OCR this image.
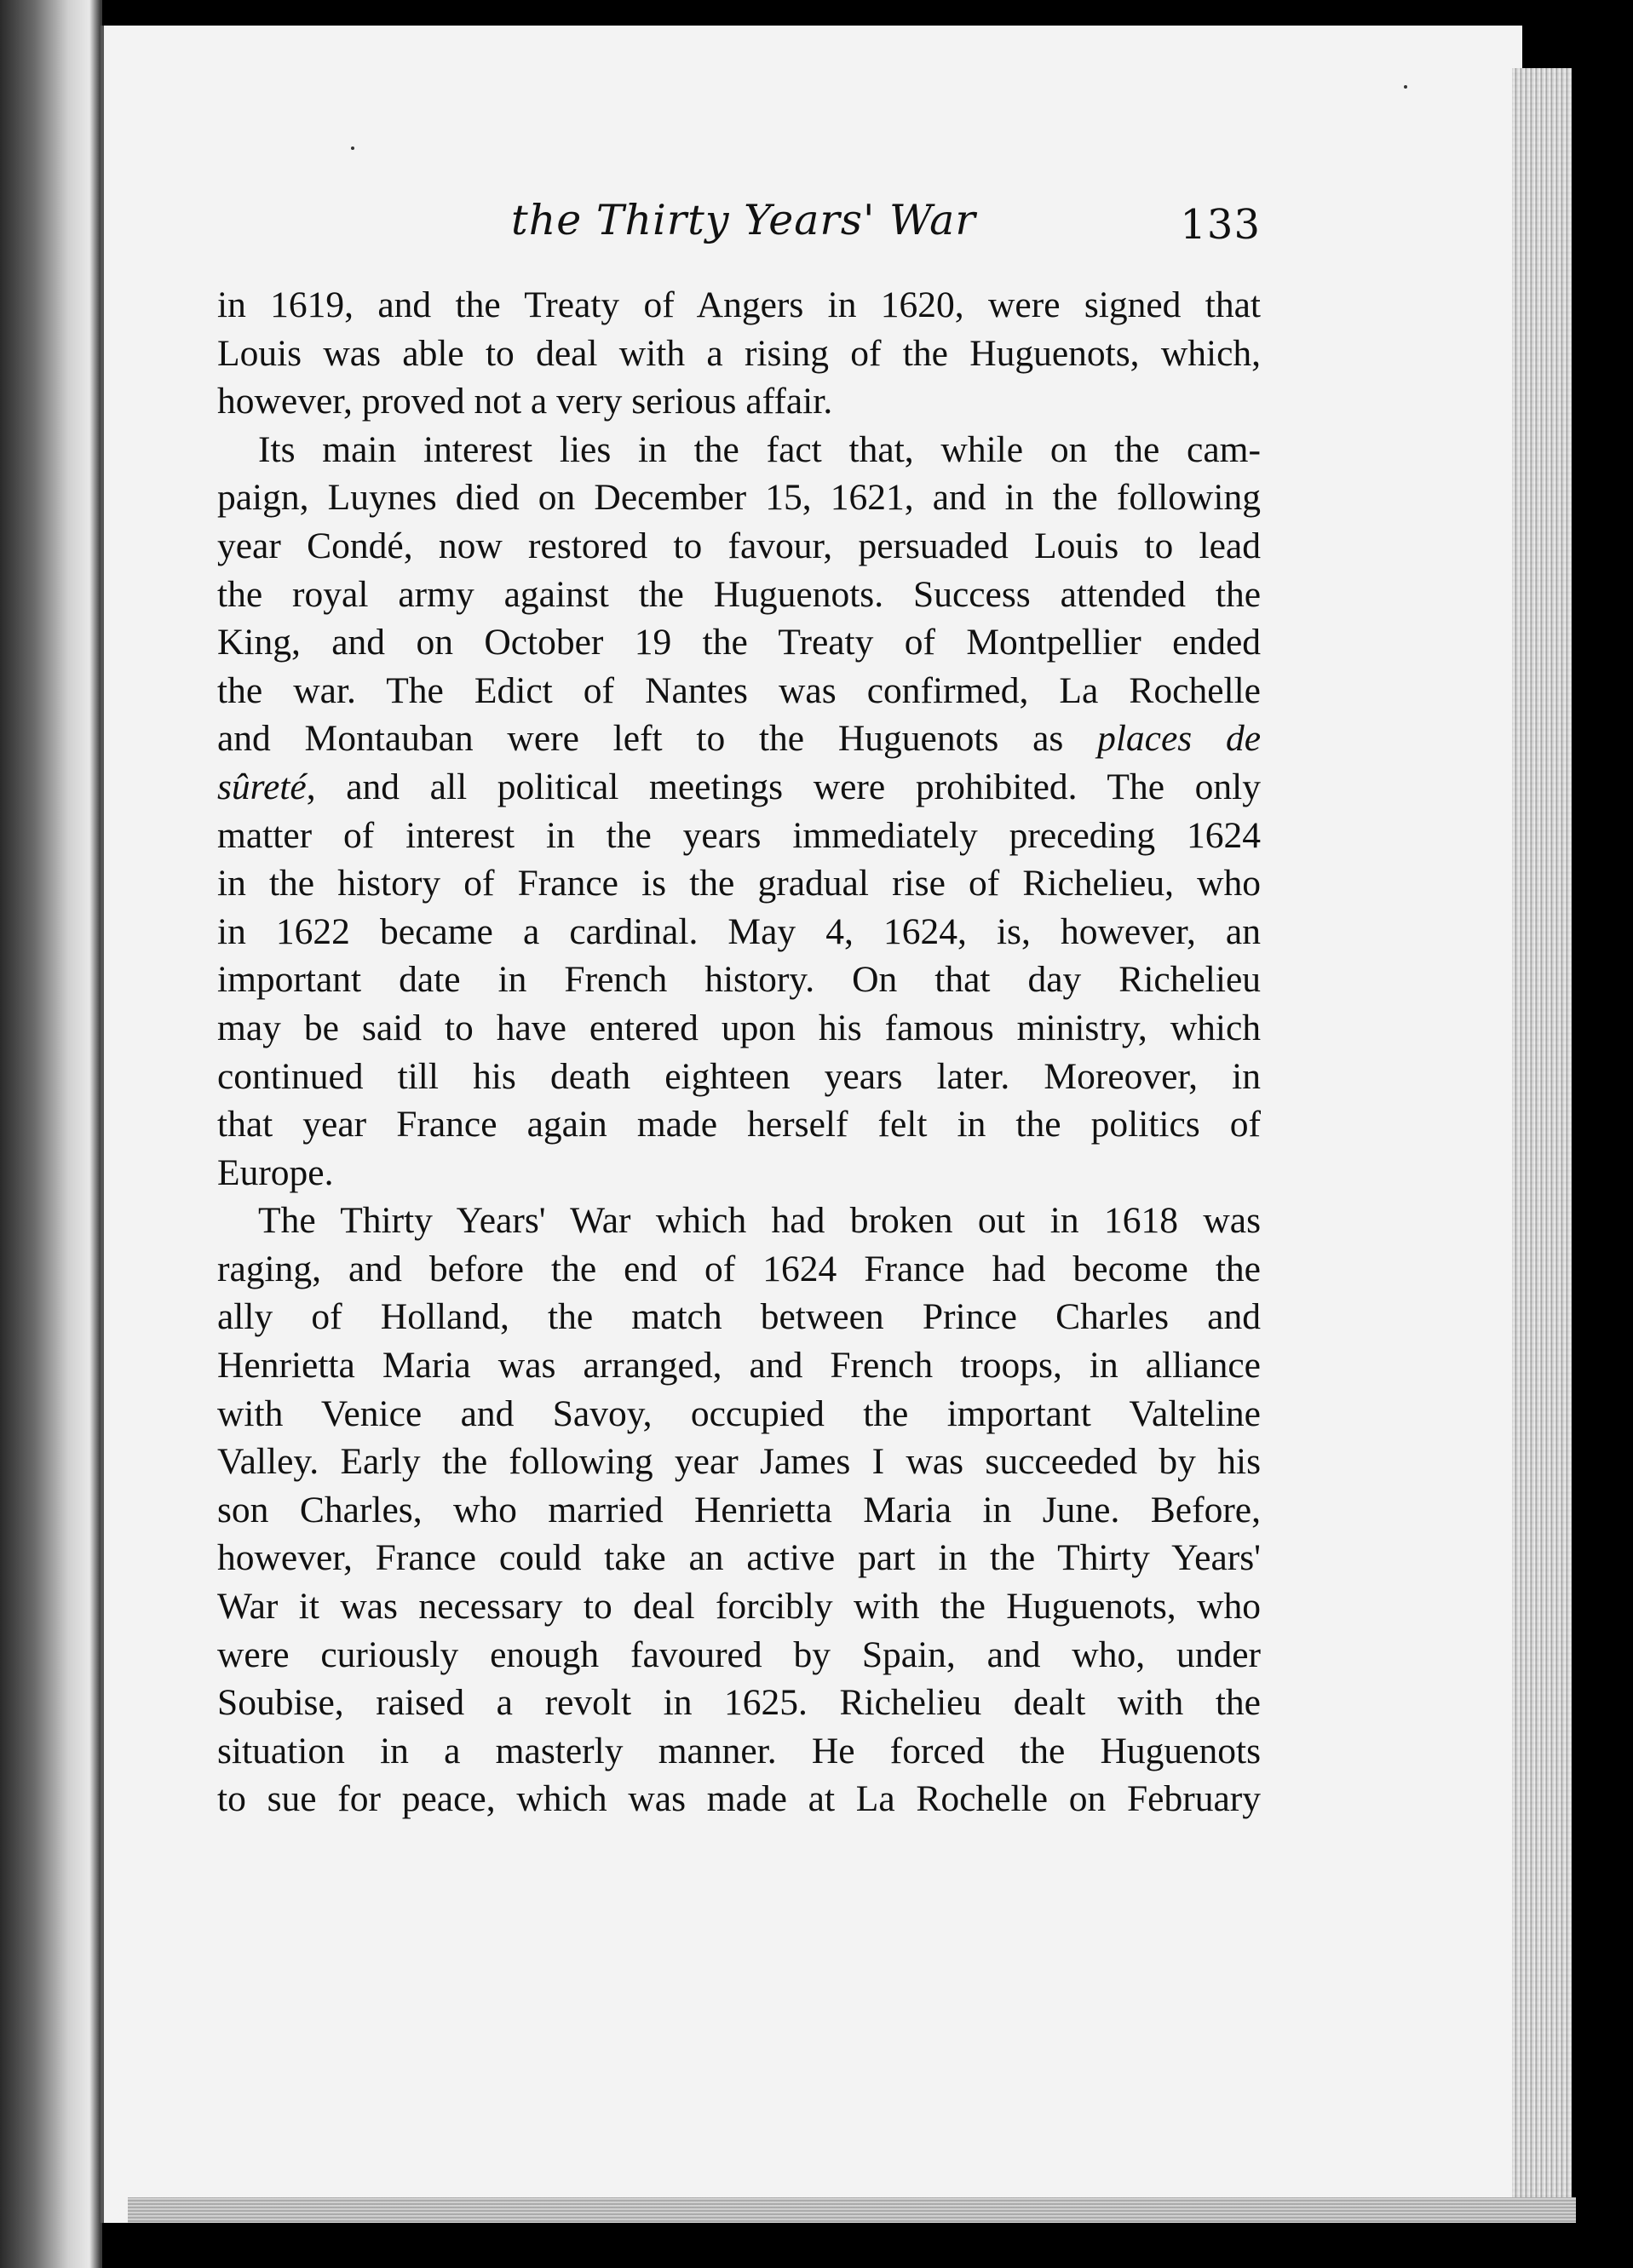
the Thirty Years' War	133
in 1619, and the Treaty of Angers in 1620, were signed that
Louis was able to deal with a rising of the Huguenots, which,
however, proved not a very serious affair.
Its main interest lies in the fact that, while on the cam-
paign, Luynes died on December 15, 1621, and in the following
year Condé, now restored to favour, persuaded Louis to lead
the royal army against the Huguenots. Success attended the
King, and on October 19 the Treaty of Montpellier ended
the war. The Edict of Nantes was confirmed, La Rochelle
and Montauban were left to the Huguenots as places de
sûreté, and all political meetings were prohibited. The only
matter of interest in the years immediately preceding 1624
in the history of France is the gradual rise of Richelieu, who
in 1622 became a cardinal. May 4, 1624, is, however, an
important date in French history. On that day Richelieu
may be said to have entered upon his famous ministry, which
continued till his death eighteen years later. Moreover, in
that year France again made herself felt in the politics of
Europe.
The Thirty Years' War which had broken out in 1618 was
raging, and before the end of 1624 France had become the
ally of Holland, the match between Prince Charles and
Henrietta Maria was arranged, and French troops, in alliance
with Venice and Savoy, occupied the important Valteline
Valley. Early the following year James I was succeeded by his
son Charles, who married Henrietta Maria in June. Before,
however, France could take an active part in the Thirty Years'
War it was necessary to deal forcibly with the Huguenots, who
were curiously enough favoured by Spain, and who, under
Soubise, raised a revolt in 1625. Richelieu dealt with the
situation in a masterly manner. He forced the Huguenots
to sue for peace, which was made at La Rochelle on February
